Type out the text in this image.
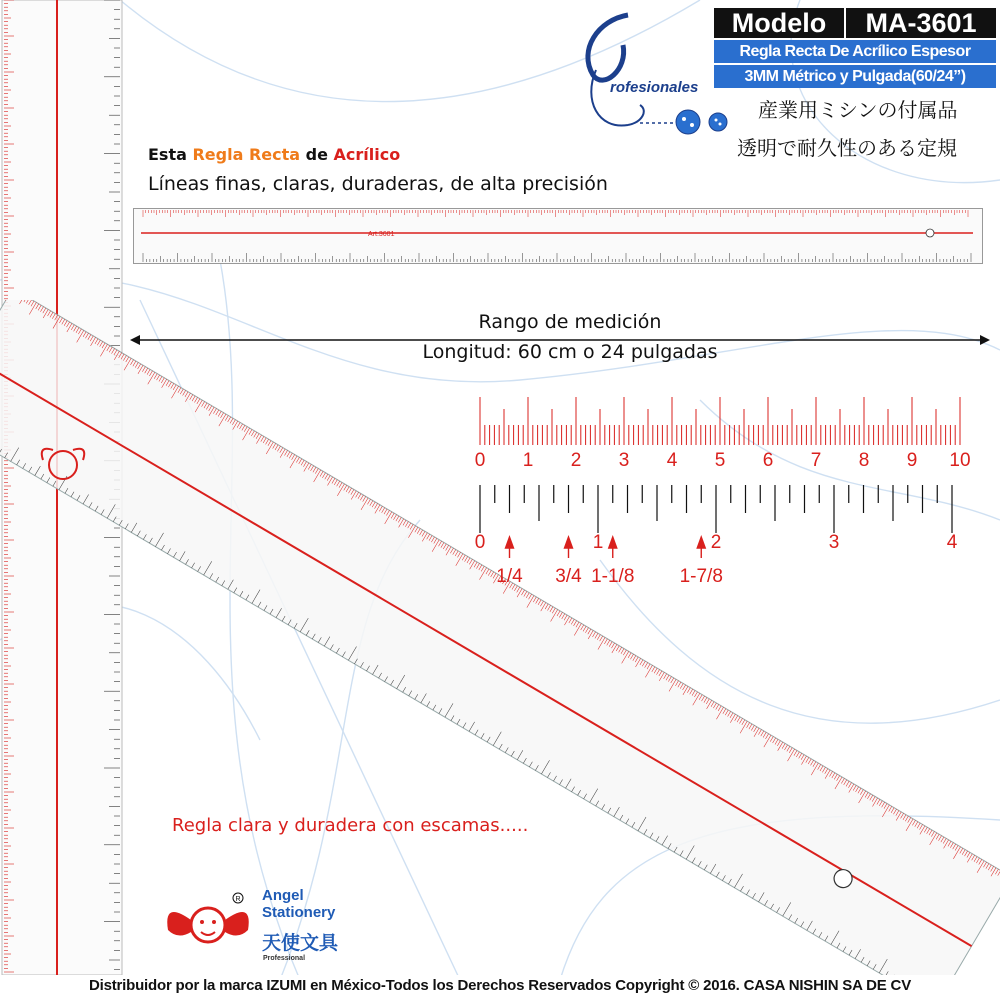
rofesionales
Modelo	MA-3601
Regla Recta De Acrílico Espesor
3MM Métrico y Pulgada(60/24”)
産業用ミシンの付属品
透明で耐久性のある定規
Esta Regla Recta de Acrílico
Líneas finas, claras, duraderas, de alta precisión
Art.3601
Rango de medición
Longitud: 60 cm o 24 pulgadas
0 1 2 3 4 5 6 7 8 9 10
0	1	2	3	4
1/4 3/4 1-1/8 1-7/8
Regla clara y duradera con escamas.....
R Angel
Stationery
天使文具
Professional
Distribuidor por la marca IZUMI en México-Todos los Derechos Reservados Copyright © 2016. CASA NISHIN SA DE CV
